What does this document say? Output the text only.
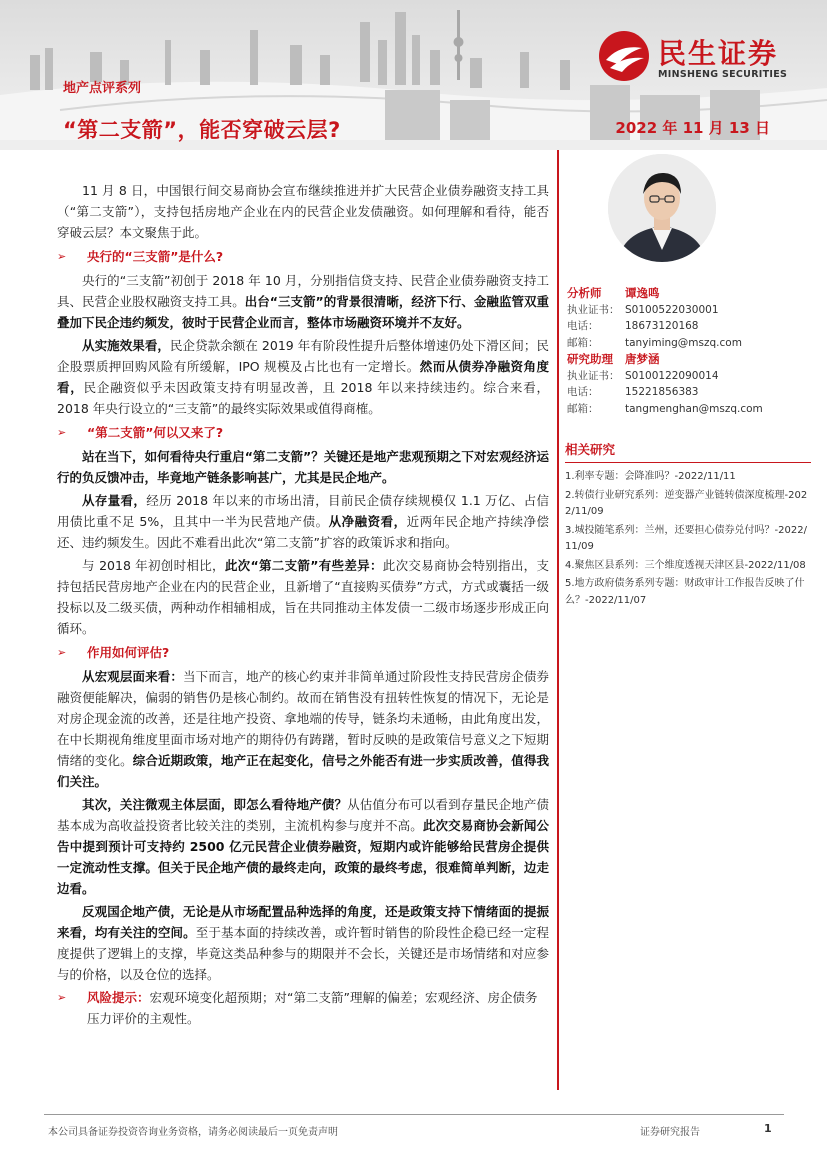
地产点评系列
“第二支箭”，能否穿破云层?	2022 年 11 月 13 日
民生证券
MINSHENG SECURITIES

11 月 8 日，中国银行间交易商协会宣布继续推进并扩大民营企业债券融资支持工具（“第二支箭”），支持包括房地产企业在内的民营企业发债融资。如何理解和看待，能否穿破云层？本文聚焦于此。

➢	央行的“三支箭”是什么?

央行的“三支箭”初创于 2018 年 10 月，分别指信贷支持、民营企业债券融资支持工具、民营企业股权融资支持工具。出台“三支箭”的背景很清晰，经济下行、金融监管双重叠加下民企违约频发，彼时于民营企业而言，整体市场融资环境并不友好。

从实施效果看，民企贷款余额在 2019 年有阶段性提升后整体增速仍处下滑区间；民企股票质押回购风险有所缓解，IPO 规模及占比也有一定增长。然而从债券净融资角度看，民企融资似乎未因政策支持有明显改善，且 2018 年以来持续违约。综合来看，2018 年央行设立的“三支箭”的最终实际效果或值得商榷。

➢	“第二支箭”何以又来了?

站在当下，如何看待央行重启“第二支箭”？关键还是地产悲观预期之下对宏观经济运行的负反馈冲击，毕竟地产链条影响甚广，尤其是民企地产。

从存量看，经历 2018 年以来的市场出清，目前民企债存续规模仅 1.1 万亿、占信用债比重不足 5%，且其中一半为民营地产债。从净融资看，近两年民企地产持续净偿还、违约频发生。因此不难看出此次“第二支箭”扩容的政策诉求和指向。

与 2018 年初创时相比，此次“第二支箭”有些差异：此次交易商协会特别指出，支持包括民营房地产企业在内的民营企业，且新增了“直接购买债券”方式，方式或囊括一级投标以及二级买债，两种动作相辅相成，旨在共同推动主体发债一二级市场逐步形成正向循环。

➢	作用如何评估?

从宏观层面来看：当下而言，地产的核心约束并非简单通过阶段性支持民营房企债券融资便能解决，偏弱的销售仍是核心制约。故而在销售没有扭转性恢复的情况下，无论是对房企现金流的改善，还是往地产投资、拿地端的传导，链条均未通畅，由此角度出发，在中长期视角维度里面市场对地产的期待仍有踌躇，暂时反映的是政策信号意义之下短期情绪的变化。综合近期政策，地产正在起变化，信号之外能否有进一步实质改善，值得我们关注。

其次，关注微观主体层面，即怎么看待地产债？从估值分布可以看到存量民企地产债基本成为高收益投资者比较关注的类别，主流机构参与度并不高。此次交易商协会新闻公告中提到预计可支持约 2500 亿元民营企业债券融资，短期内或许能够给民营房企提供一定流动性支撑。但关于民企地产债的最终走向，政策的最终考虑，很难简单判断，边走边看。

反观国企地产债，无论是从市场配置品种选择的角度，还是政策支持下情绪面的提振来看，均有关注的空间。至于基本面的持续改善，或许暂时销售的阶段性企稳已经一定程度提供了逻辑上的支撑，毕竟这类品种参与的期限并不会长，关键还是市场情绪和对应参与的价格，以及仓位的选择。

➢	风险提示：宏观环境变化超预期；对“第二支箭”理解的偏差；宏观经济、房企债务压力评价的主观性。
分析师	谭逸鸣
执业证书： S0100522030001
电话：	18673120168
邮箱：	tanyiming@mszq.com
研究助理	唐梦涵
执业证书： S0100122090014
电话：	15221856383
邮箱：	tangmenghan@mszq.com
相关研究
1.利率专题：会降准吗？-2022/11/11
2.转债行业研究系列：逆变器产业链转债深度梳理-2022/11/09
3.城投随笔系列：兰州，还要担心债券兑付吗？-2022/11/09
4.聚焦区县系列：三个维度透视天津区县-2022/11/08
5.地方政府债务系列专题：财政审计工作报告反映了什么？-2022/11/07
本公司具备证券投资咨询业务资格，请务必阅读最后一页免责声明	证券研究报告	1
